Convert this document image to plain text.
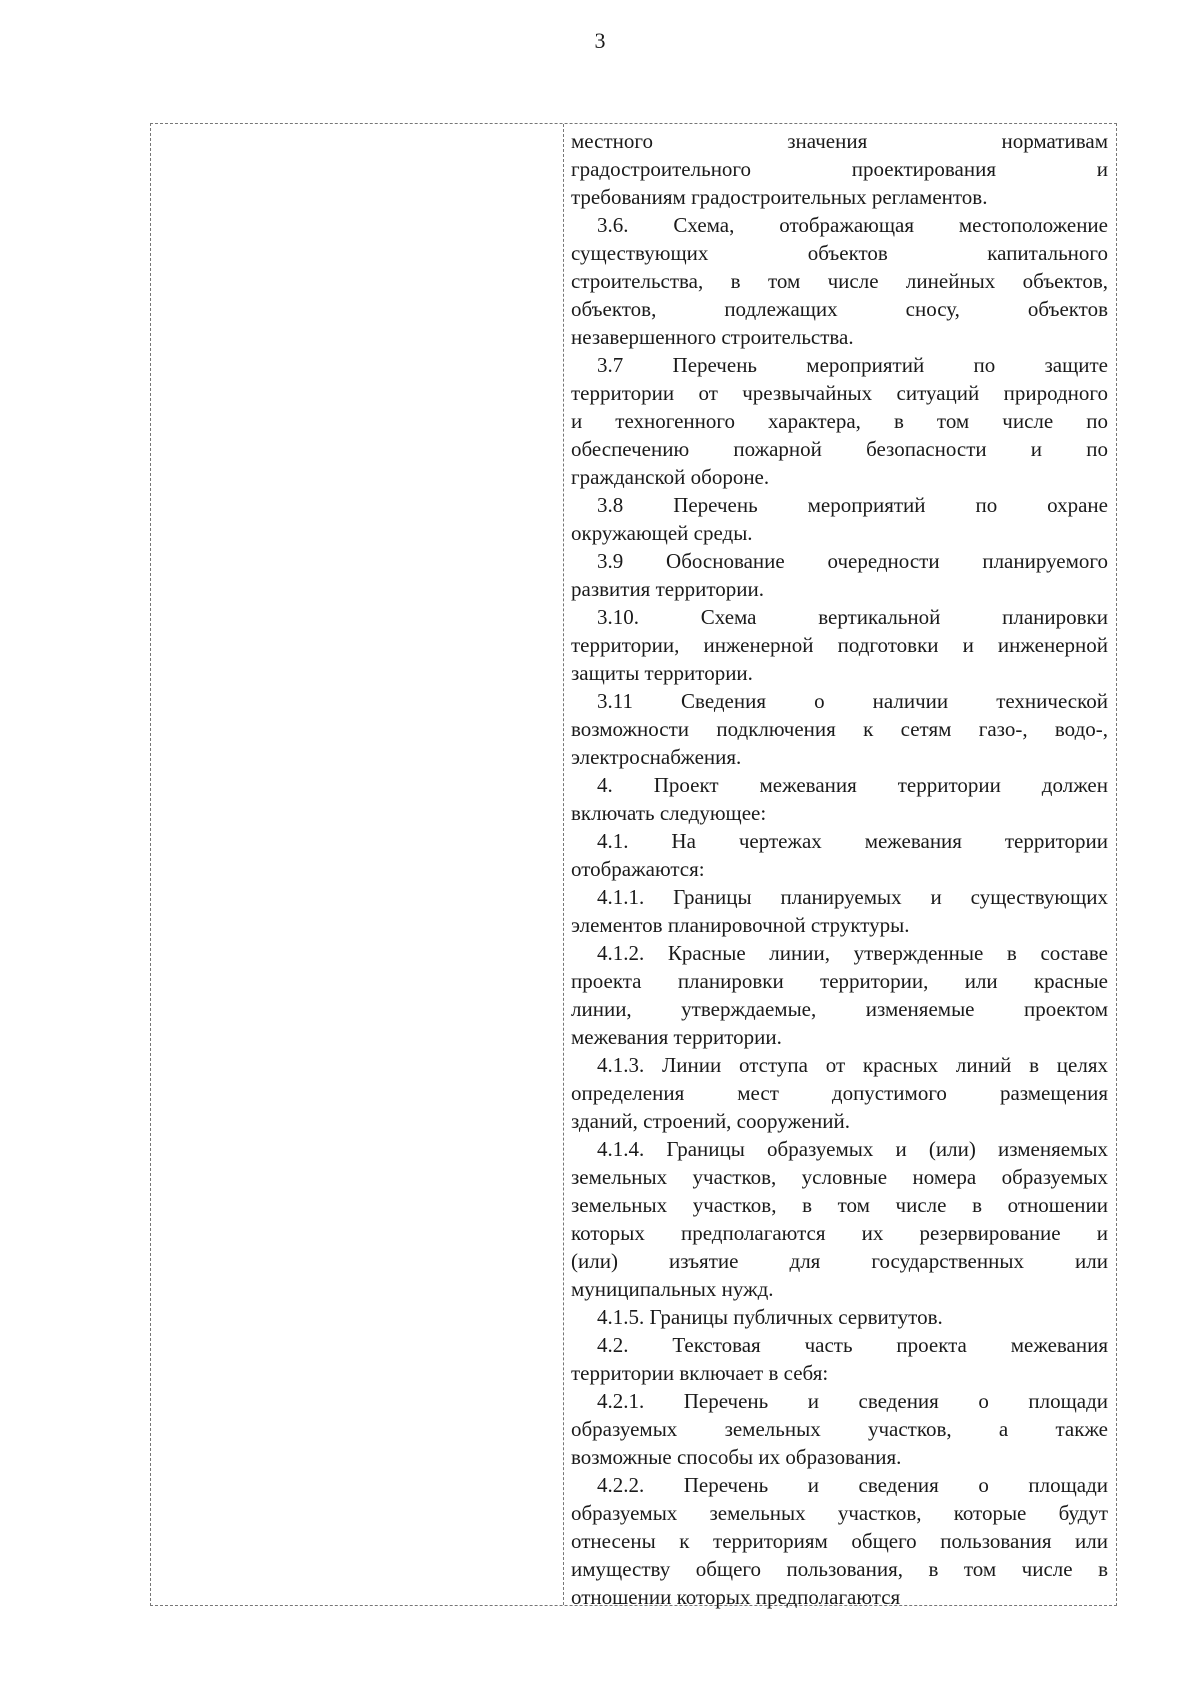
3
местного значения нормативам
градостроительного проектирования и
требованиям градостроительных регламентов.
3.6. Схема, отображающая местоположение
существующих объектов капитального
строительства, в том числе линейных объектов,
объектов, подлежащих сносу, объектов
незавершенного строительства.
3.7 Перечень мероприятий по защите
территории от чрезвычайных ситуаций природного
и техногенного характера, в том числе по
обеспечению пожарной безопасности и по
гражданской обороне.
3.8 Перечень мероприятий по охране
окружающей среды.
3.9 Обоснование очередности планируемого
развития территории.
3.10. Схема вертикальной планировки
территории, инженерной подготовки и инженерной
защиты территории.
3.11 Сведения о наличии технической
возможности подключения к сетям газо-, водо-,
электроснабжения.
4. Проект межевания территории должен
включать следующее:
4.1. На чертежах межевания территории
отображаются:
4.1.1. Границы планируемых и существующих
элементов планировочной структуры.
4.1.2. Красные линии, утвержденные в составе
проекта планировки территории, или красные
линии, утверждаемые, изменяемые проектом
межевания территории.
4.1.3. Линии отступа от красных линий в целях
определения мест допустимого размещения
зданий, строений, сооружений.
4.1.4. Границы образуемых и (или) изменяемых
земельных участков, условные номера образуемых
земельных участков, в том числе в отношении
которых предполагаются их резервирование и
(или) изъятие для государственных или
муниципальных нужд.
4.1.5. Границы публичных сервитутов.
4.2. Текстовая часть проекта межевания
территории включает в себя:
4.2.1. Перечень и сведения о площади
образуемых земельных участков, а также
возможные способы их образования.
4.2.2. Перечень и сведения о площади
образуемых земельных участков, которые будут
отнесены к территориям общего пользования или
имуществу общего пользования, в том числе в
отношении которых предполагаются
